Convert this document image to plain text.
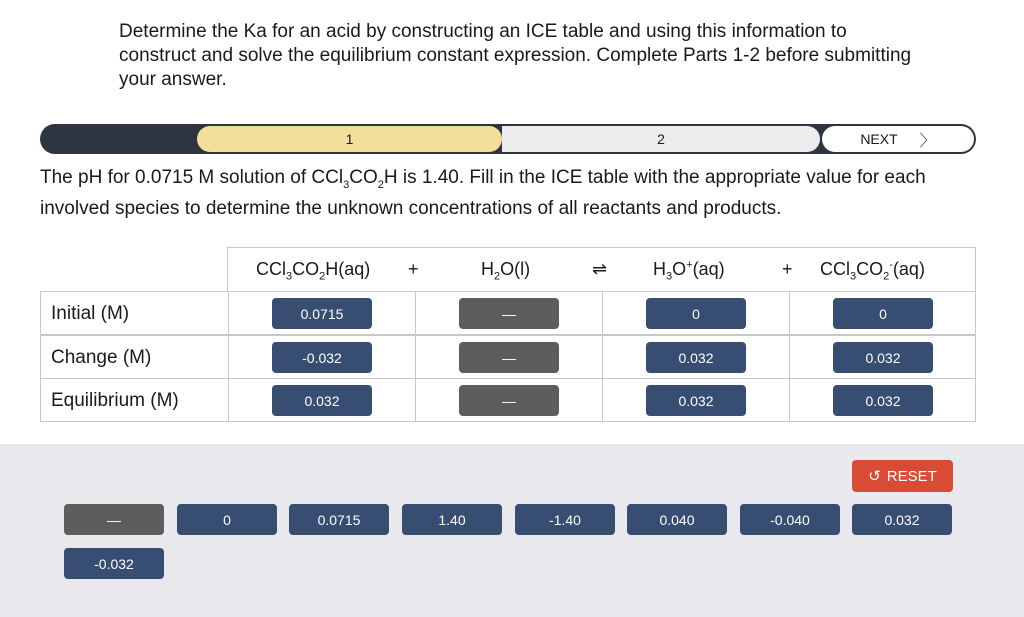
Determine the Ka for an acid by constructing an ICE table and using this information to construct and solve the equilibrium constant expression. Complete Parts 1-2 before submitting your answer.
1	2	NEXT 〉
The pH for 0.0715 M solution of $CCl_3CO_2H$ is 1.40. Fill in the ICE table with the appropriate value for each involved species to determine the unknown concentrations of all reactants and products.
$CCl_3CO_2H(aq)$ +	$H_2O(l)$	⇌	$H_3O^+(aq)$	+ $CCl_3CO_2^-(aq)$
Initial (M)	0.0715	—	0	0
Change (M)	-0.032	—	0.032	0.032
Equilibrium (M)	0.032	—	0.032	0.032
↺ RESET
—	0	0.0715	1.40	-1.40	0.040	-0.040	0.032
-0.032
